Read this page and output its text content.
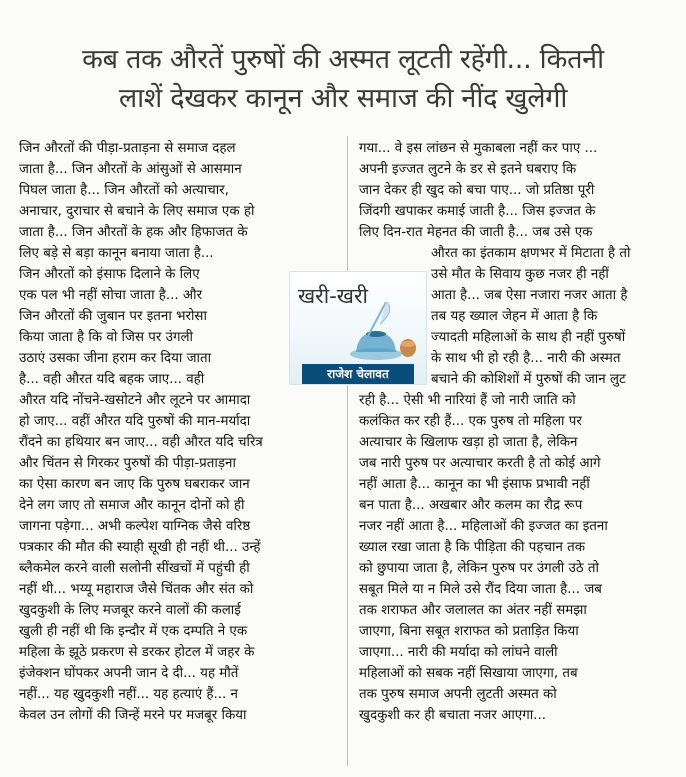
कब तक औरतें पुरुषों की अस्मत लूटती रहेंगी... कितनी
लाशें देखकर कानून और समाज की नींद खुलेगी
जिन औरतों की पीड़ा-प्रताड़ना से समाज दहल
जाता है... जिन औरतों के आंसुओं से आसमान
पिघल जाता है... जिन औरतों को अत्याचार,
अनाचार, दुराचार से बचाने के लिए समाज एक हो
जाता है... जिन औरतों के हक और हिफाजत के
लिए बड़े से बड़ा कानून बनाया जाता है...
जिन औरतों को इंसाफ दिलाने के लिए
एक पल भी नहीं सोचा जाता है... और
जिन औरतों की जुबान पर इतना भरोसा
किया जाता है कि वो जिस पर उंगली
उठाएं उसका जीना हराम कर दिया जाता
है... वही औरत यदि बहक जाए... वही
औरत यदि नोंचने-खसोटने और लूटने पर आमादा
हो जाए... वहीं औरत यदि पुरुषों की मान-मर्यादा
रौंदने का हथियार बन जाए... वही औरत यदि चरित्र
और चिंतन से गिरकर पुरुषों की पीड़ा-प्रताड़ना
का ऐसा कारण बन जाए कि पुरुष घबराकर जान
देने लग जाए तो समाज और कानून दोनों को ही
जागना पड़ेगा... अभी कल्पेश याग्निक जैसे वरिष्ठ
पत्रकार की मौत की स्याही सूखी ही नहीं थी... उन्हें
ब्लैकमेल करने वाली सलोनी सींखचों में पहुंची ही
नहीं थी... भय्यू महाराज जैसे चिंतक और संत को
खुदकुशी के लिए मजबूर करने वालों की कलाई
खुली ही नहीं थी कि इन्दौर में एक दम्पति ने एक
महिला के झूठे प्रकरण से डरकर होटल में जहर के
इंजेक्शन घोंपकर अपनी जान दे दी... यह मौतें
नहीं... यह खुदकुशी नहीं... यह हत्याएं हैं... न
केवल उन लोगों की जिन्हें मरने पर मजबूर किया
गया... वे इस लांछन से मुकाबला नहीं कर पाए ...
अपनी इज्जत लुटने के डर से इतने घबराए कि
जान देकर ही खुद को बचा पाए... जो प्रतिष्ठा पूरी
जिंदगी खपाकर कमाई जाती है... जिस इज्जत के
लिए दिन-रात मेहनत की जाती है... जब उसे एक
औरत का इंतकाम क्षणभर में मिटाता है तो
उसे मौत के सिवाय कुछ नजर ही नहीं
आता है... जब ऐसा नजारा नजर आता है
तब यह ख्याल जेहन में आता है कि
ज्यादती महिलाओं के साथ ही नहीं पुरुषों
के साथ भी हो रही है... नारी की अस्मत
बचाने की कोशिशों में पुरुषों की जान लुट
रही है... ऐसी भी नारियां हैं जो नारी जाति को
कलंकित कर रही हैं... एक पुरुष तो महिला पर
अत्याचार के खिलाफ खड़ा हो जाता है, लेकिन
जब नारी पुरुष पर अत्याचार करती है तो कोई आगे
नहीं आता है... कानून का भी इंसाफ प्रभावी नहीं
बन पाता है... अखबार और कलम का रौद्र रूप
नजर नहीं आता है... महिलाओं की इज्जत का इतना
ख्याल रखा जाता है कि पीड़िता की पहचान तक
को छुपाया जाता है, लेकिन पुरुष पर उंगली उठे तो
सबूत मिले या न मिले उसे रौंद दिया जाता है... जब
तक शराफत और जलालत का अंतर नहीं समझा
जाएगा, बिना सबूत शराफत को प्रताड़ित किया
जाएगा... नारी की मर्यादा को लांघने वाली
महिलाओं को सबक नहीं सिखाया जाएगा, तब
तक पुरुष समाज अपनी लुटती अस्मत को
खुदकुशी कर ही बचाता नजर आएगा...
खरी-खरी
राजेश चेलावत
